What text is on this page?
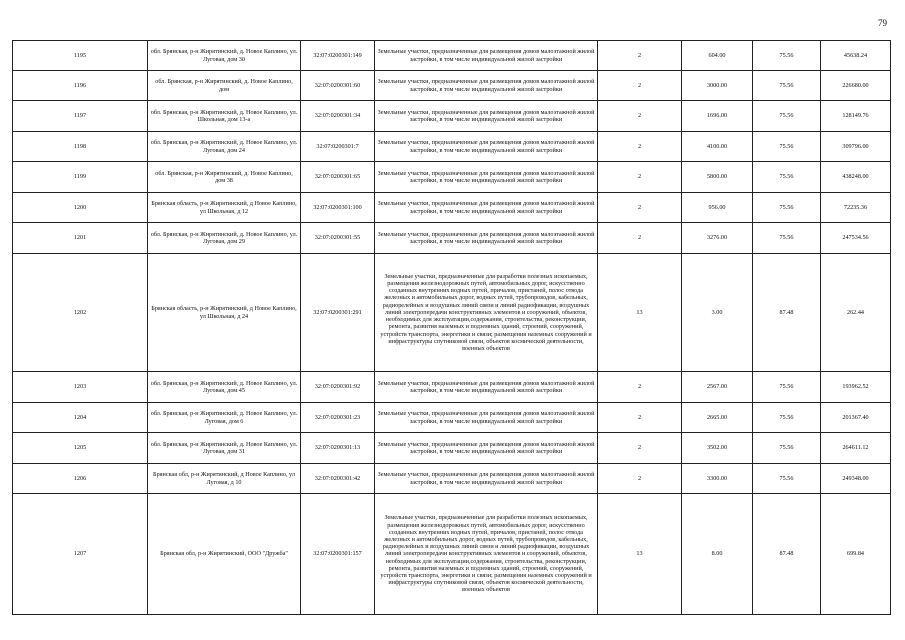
79
1195	обл. Брянская, р-н Жирятинский, д. Новое Каплино, ул. Луговая, дом 30	32:07:0200301:149	Земельные участки, предназначенные для размещения домов малоэтажной жилой застройки, в том числе индивидуальной жилой застройки	2	604.00	75.56	45638.24
1196	обл. Брянская, р-н Жирятинский, д. Новое Каплино, дом	32:07:0200301:60	Земельные участки, предназначенные для размещения домов малоэтажной жилой застройки, в том числе индивидуальной жилой застройки	2	3000.00	75.56	226680.00
1197	обл. Брянская, р-н Жирятинский, д. Новое Каплино, ул. Школьная, дом 13-а	32:07:0200301:34	Земельные участки, предназначенные для размещения домов малоэтажной жилой застройки, в том числе индивидуальной жилой застройки	2	1696.00	75.56	128149.76
1198	обл. Брянская, р-н Жирятинский, д. Новое Каплино, ул. Луговая, дом 24	32:07:0200301:7	Земельные участки, предназначенные для размещения домов малоэтажной жилой застройки, в том числе индивидуальной жилой застройки	2	4100.00	75.56	309796.00
1199	обл. Брянская, р-н Жирятинский, д. Новое Каплино, дом 38	32:07:0200301:65	Земельные участки, предназначенные для размещения домов малоэтажной жилой застройки, в том числе индивидуальной жилой застройки	2	5800.00	75.56	438248.00
1200	Брянская область, р-н Жирятинский, д Новое Каплино, ул Школьная, д 12	32:07:0200301:100	Земельные участки, предназначенные для размещения домов малоэтажной жилой застройки, в том числе индивидуальной жилой застройки	2	956.00	75.56	72235.36
1201	обл. Брянская, р-н Жирятинский, д. Новое Каплино, ул. Луговая, дом 29	32:07:0200301:55	Земельные участки, предназначенные для размещения домов малоэтажной жилой застройки, в том числе индивидуальной жилой застройки	2	3276.00	75.56	247534.56
1202	Брянская область, р-н Жирятинский, д Новое Каплино, ул Школьная, д 24	32:07:0200301:291	Земельные участки, предназначенные для разработки полезных ископаемых, размещения железнодорожных путей, автомобильных дорог, искусственно созданных внутренних водных путей, причалов, пристаней, полос отвода железных и автомобильных дорог, водных путей, трубопроводов, кабельных, радиорелейных и воздушных линий связи и линий радиофикации, воздушных линий электропередачи конструктивных элементов и сооружений, объектов, необходимых для эксплуатации,содержания, строительства, реконструкции, ремонта, развития наземных и подземных зданий, строений, сооружений, устройств транспорта, энергетики и связи; размещения наземных сооружений и инфраструктуры спутниковой связи, объектов космической деятельности, военных объектов	13	3.00	87.48	262.44
1203	обл. Брянская, р-н Жирятинский, д. Новое Каплино, ул. Луговая, дом 45	32:07:0200301:92	Земельные участки, предназначенные для размещения домов малоэтажной жилой застройки, в том числе индивидуальной жилой застройки	2	2567.00	75.56	193962.52
1204	обл. Брянская, р-н Жирятинский, д. Новое Каплино, ул. Луговая, дом 6	32:07:0200301:23	Земельные участки, предназначенные для размещения домов малоэтажной жилой застройки, в том числе индивидуальной жилой застройки	2	2665.00	75.56	201367.40
1205	обл. Брянская, р-н Жирятинский, д. Новое Каплино, ул. Луговая, дом 31	32:07:0200301:13	Земельные участки, предназначенные для размещения домов малоэтажной жилой застройки, в том числе индивидуальной жилой застройки	2	3502.00	75.56	264611.12
1206	Брянская обл, р-н Жирятинский, д Новое Каплино, ул Луговая, д 10	32:07:0200301:42	Земельные участки, предназначенные для размещения домов малоэтажной жилой застройки, в том числе индивидуальной жилой застройки	2	3300.00	75.56	249348.00
1207	Брянская обл, р-н Жирятинский, ООО "Дружба"	32:07:0200301:157	Земельные участки, предназначенные для разработки полезных ископаемых, размещения железнодорожных путей, автомобильных дорог, искусственно созданных внутренних водных путей, причалов, пристаней, полос отвода железных и автомобильных дорог, водных путей, трубопроводов, кабельных, радиорелейных и воздушных линий связи и линий радиофикации, воздушных линий электропередачи конструктивных элементов и сооружений, объектов, необходимых для эксплуатации,содержания, строительства, реконструкции, ремонта, развития наземных и подземных зданий, строений, сооружений, устройств транспорта, энергетики и связи; размещения наземных сооружений и инфраструктуры спутниковой связи, объектов космической деятельности, военных объектов	13	8.00	87.48	699.84
